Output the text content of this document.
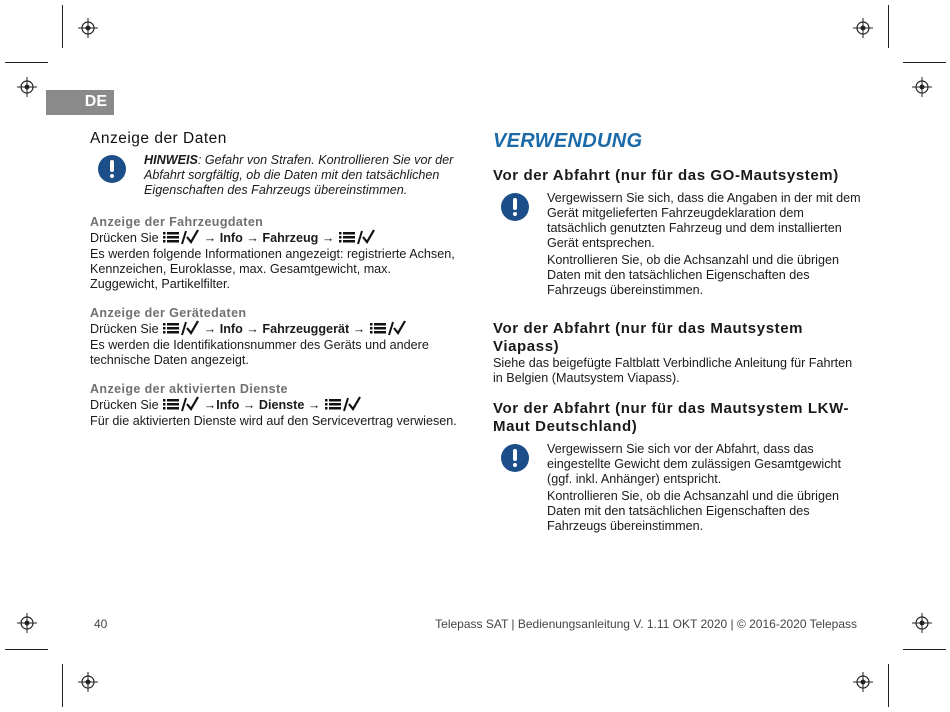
DE
Anzeige der Daten

HINWEIS: Gefahr von Strafen. Kontrollieren Sie vor der Abfahrt sorgfältig, ob die Daten mit den tatsächlichen Eigenschaften des Fahrzeugs übereinstimmen.

Anzeige der Fahrzeugdaten

Drücken Sie	→ Info → Fahrzeug →

Es werden folgende Informationen angezeigt: registrierte Achsen, Kennzeichen, Euroklasse, max. Gesamtgewicht, max. Zuggewicht, Partikelfilter.

Anzeige der Gerätedaten

Drücken Sie	→ Info → Fahrzeuggerät →

Es werden die Identifikationsnummer des Geräts und andere technische Daten angezeigt.

Anzeige der aktivierten Dienste

Drücken Sie	→Info → Dienste →

Für die aktivierten Dienste wird auf den Servicevertrag verwiesen.

VERWENDUNG
Vor der Abfahrt (nur für das GO-Mautsystem)

Vergewissern Sie sich, dass die Angaben in der mit dem Gerät mitgelieferten Fahrzeugdeklaration dem tatsächlich genutzten Fahrzeug und dem installierten Gerät entsprechen.

Kontrollieren Sie, ob die Achsanzahl und die übrigen Daten mit den tatsächlichen Eigenschaften des Fahrzeugs übereinstimmen.

Vor der Abfahrt (nur für das Mautsystem Viapass)

Siehe das beigefügte Faltblatt Verbindliche Anleitung für Fahrten in Belgien (Mautsystem Viapass).

Vor der Abfahrt (nur für das Mautsystem LKW-Maut Deutschland)

Vergewissern Sie sich vor der Abfahrt, dass das eingestellte Gewicht dem zulässigen Gesamtgewicht (ggf. inkl. Anhänger) entspricht.

Kontrollieren Sie, ob die Achsanzahl und die übrigen Daten mit den tatsächlichen Eigenschaften des Fahrzeugs übereinstimmen.

40	Telepass SAT | Bedienungsanleitung V. 1.11 OKT 2020 | © 2016-2020 Telepass
